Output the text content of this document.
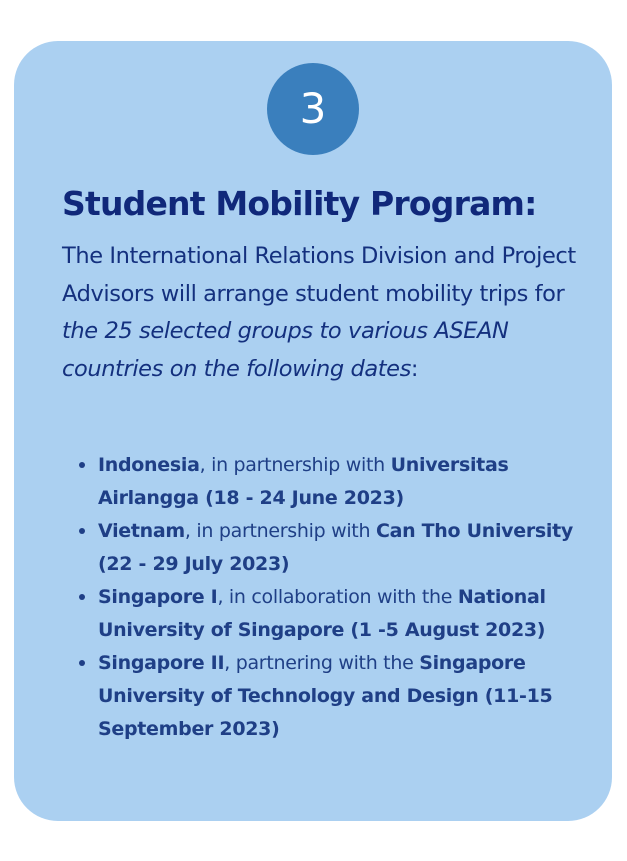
3
Student Mobility Program:

The International Relations Division and Project Advisors will arrange student mobility trips for the 25 selected groups to various ASEAN countries on the following dates:

Indonesia, in partnership with Universitas Airlangga (18 - 24 June 2023)
Vietnam, in partnership with Can Tho University (22 - 29 July 2023)
Singapore I, in collaboration with the National University of Singapore (1 -5 August 2023)
Singapore II, partnering with the Singapore University of Technology and Design (11-15 September 2023)
